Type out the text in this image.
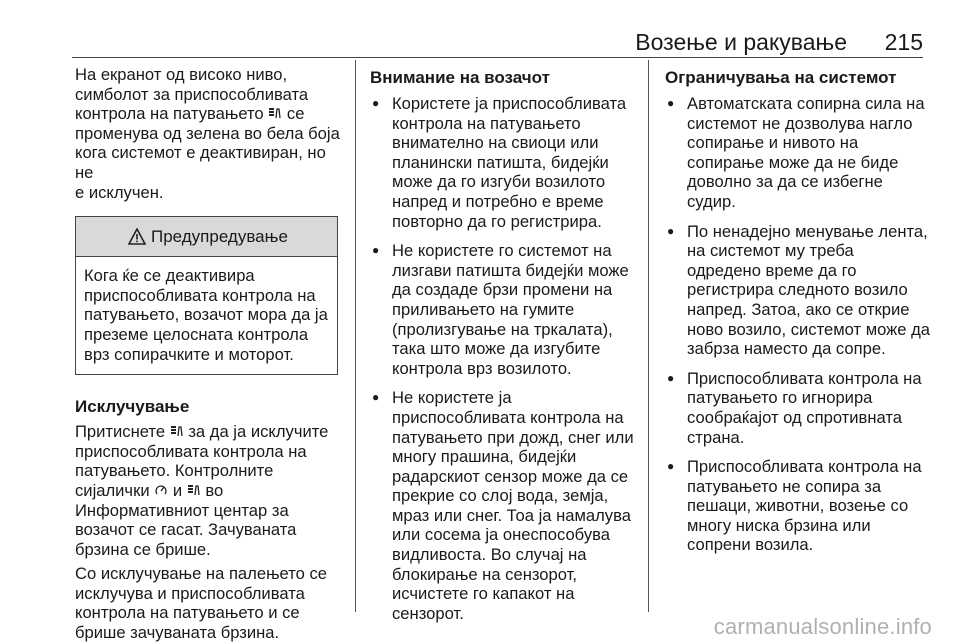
Возење и ракување 215
На екранот од високо ниво,
симболот за приспособливата
контрола на патувањето се
променува од зелена во бела боја
кога системот е деактивиран, но не
е исклучен.
Предупредување
Кога ќе се деактивира
приспособливата контрола на
патувањето, возачот мора да ја
преземе целосната контрола
врз сопирачките и моторот.
Исклучување
Притиснете за да ја исклучите
приспособливата контрола на
патувањето. Контролните
сијалички и во
Информативниот центар за
возачот се гасат. Зачуваната
брзина се брише.
Со исклучување на палењето се
исклучува и приспособливата
контрола на патувањето и се
брише зачуваната брзина.
Внимание на возачот
● Користете ја приспособливата
контрола на патувањето
внимателно на свиоци или
планински патишта, бидејќи
може да го изгуби возилото
напред и потребно е време
повторно да го регистрира.
● Не користете го системот на
лизгави патишта бидејќи може
да создаде брзи промени на
приливањето на гумите
(пролизгување на тркалата),
така што може да изгубите
контрола врз возилото.
● Не користете ја
приспособливата контрола на
патувањето при дожд, снег или
многу прашина, бидејќи
радарскиот сензор може да се
прекрие со слој вода, земја,
мраз или снег. Тоа ја намалува
или сосема ја онеспособува
видливоста. Во случај на
блокирање на сензорот,
исчистете го капакот на
сензорот.
Ограничувања на системот
● Автоматската сопирна сила на
системот не дозволува нагло
сопирање и нивото на
сопирање може да не биде
доволно за да се избегне
судир.
● По ненадејно менување лента,
на системот му треба
одредено време да го
регистрира следното возило
напред. Затоа, ако се открие
ново возило, системот може да
забрза наместо да сопре.
● Приспособливата контрола на
патувањето го игнорира
сообраќајот од спротивната
страна.
● Приспособливата контрола на
патувањето не сопира за
пешаци, животни, возење со
многу ниска брзина или
сопрени возила.
carmanualsonline.info
